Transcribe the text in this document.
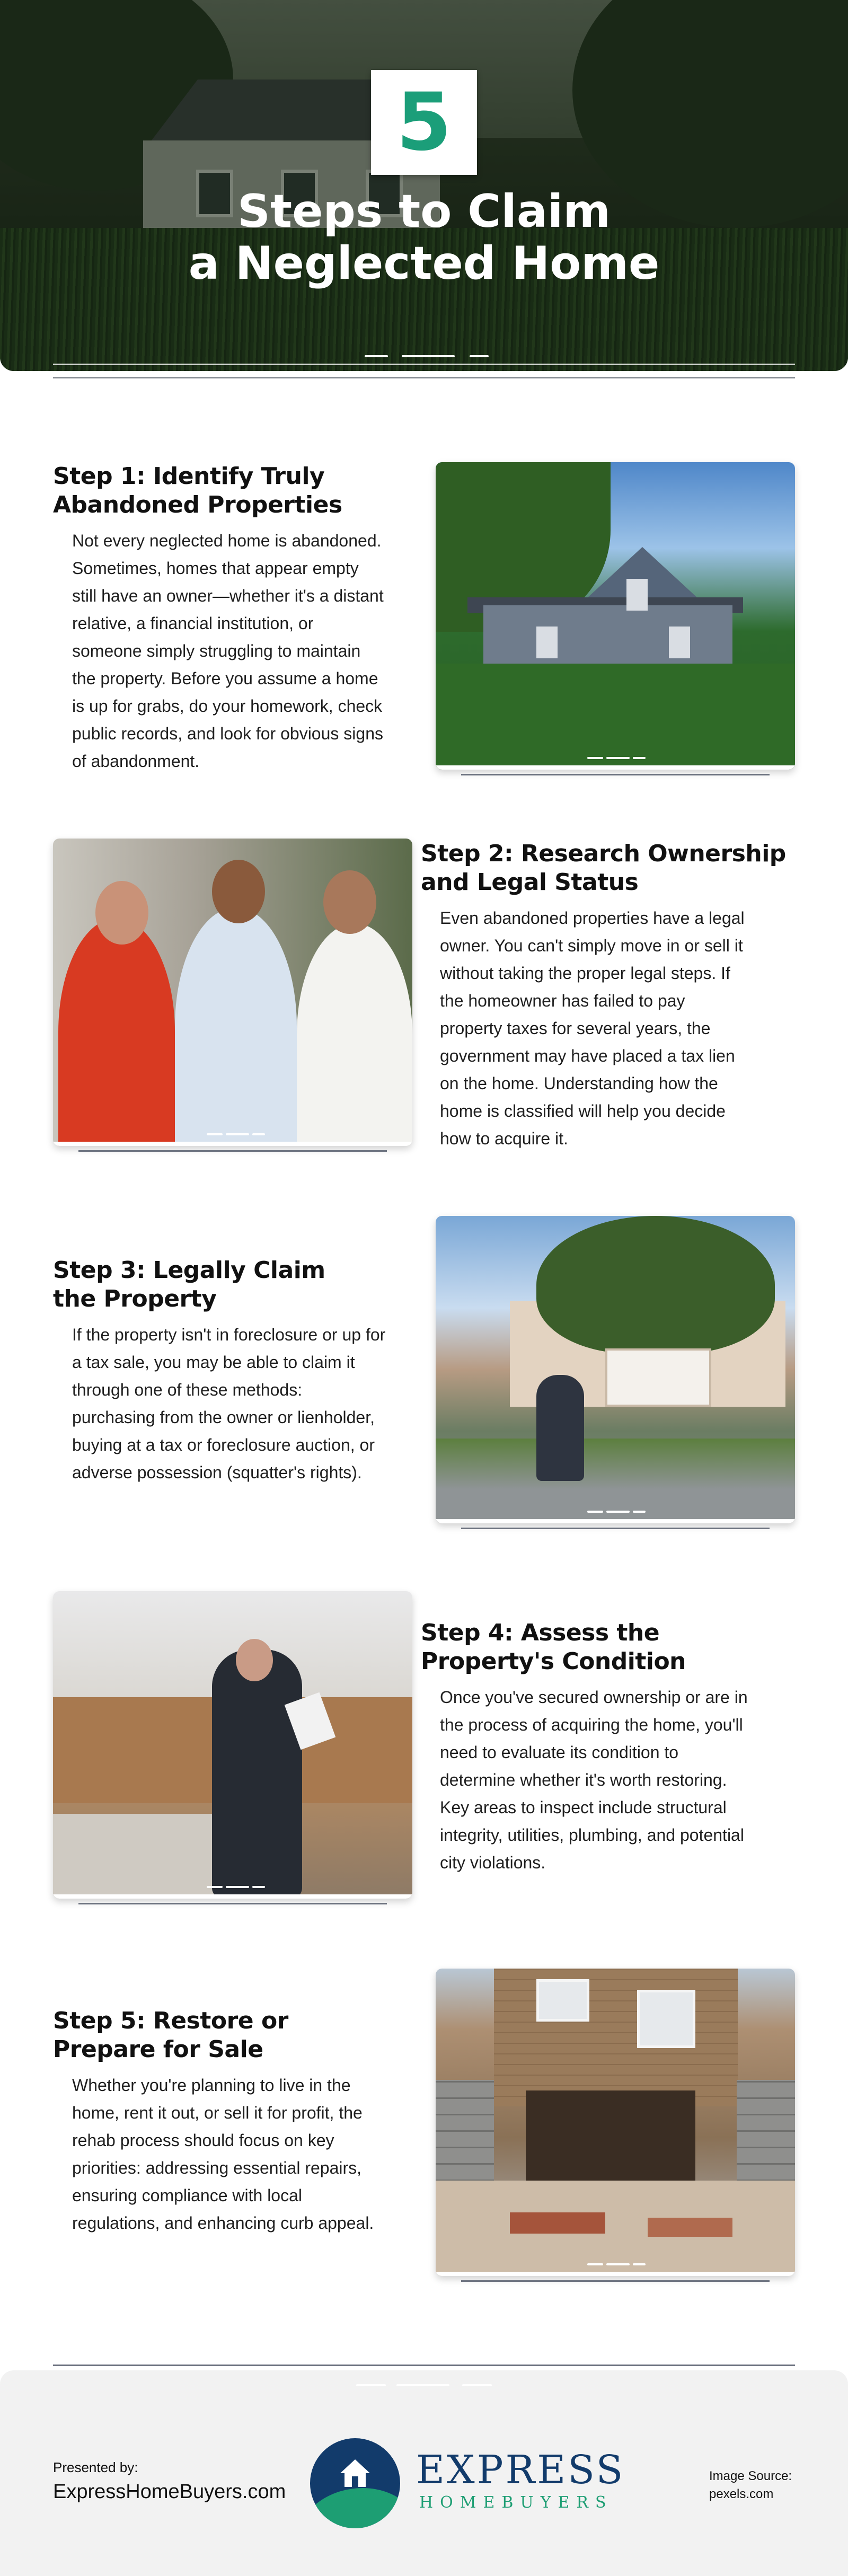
5
Steps to Claim
a Neglected Home
Step 1: Identify Truly
Abandoned Properties
Not every neglected home is abandoned.
Sometimes, homes that appear empty
still have an owner—whether it's a distant
relative, a financial institution, or
someone simply struggling to maintain
the property. Before you assume a home
is up for grabs, do your homework, check
public records, and look for obvious signs
of abandonment.
Step 2: Research Ownership
and Legal Status
Even abandoned properties have a legal
owner. You can't simply move in or sell it
without taking the proper legal steps. If
the homeowner has failed to pay
property taxes for several years, the
government may have placed a tax lien
on the home. Understanding how the
home is classified will help you decide
how to acquire it.
Step 3: Legally Claim
the Property
If the property isn't in foreclosure or up for
a tax sale, you may be able to claim it
through one of these methods:
purchasing from the owner or lienholder,
buying at a tax or foreclosure auction, or
adverse possession (squatter's rights).
Step 4: Assess the
Property's Condition
Once you've secured ownership or are in
the process of acquiring the home, you'll
need to evaluate its condition to
determine whether it's worth restoring.
Key areas to inspect include structural
integrity, utilities, plumbing, and potential
city violations.
Step 5: Restore or
Prepare for Sale
Whether you're planning to live in the
home, rent it out, or sell it for profit, the
rehab process should focus on key
priorities: addressing essential repairs,
ensuring compliance with local
regulations, and enhancing curb appeal.
Presented by:
ExpressHomeBuyers.com	EXPRESS
HOMEBUYERS
Image Source:
pexels.com
